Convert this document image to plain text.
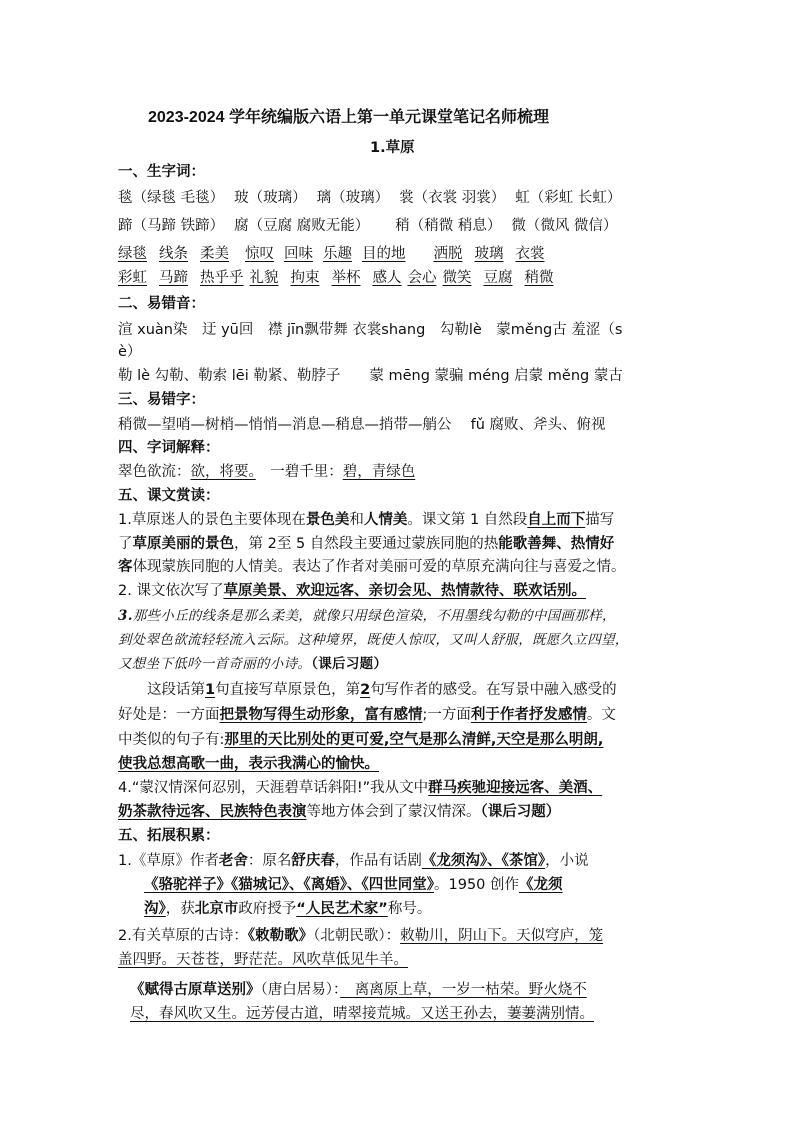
2023-2024 学年统编版六语上第一单元课堂笔记名师梳理
1.草原
一、生字词：
毯（绿毯 毛毯） 玻（玻璃） 璃（玻璃） 裳（衣裳 羽裳） 虹（彩虹 长虹）
蹄（马蹄 铁蹄） 腐（豆腐 腐败无能） 稍（稍微 稍息） 微（微风 微信）
绿毯 线条 柔美 惊叹 回味 乐趣 目的地 洒脱 玻璃 衣裳
彩虹 马蹄 热乎乎 礼貌 拘束 举杯 感人 会心 微笑 豆腐 稍微
二、易错音：
渲 xuàn染　迂 yū回　襟 jīn飘带舞 衣裳shang　勾勒lè　蒙měng古 羞涩（s
è）
勒 lè 勾勒、勒索 lēi 勒紧、勒脖子　　蒙 mēng 蒙骗 méng 启蒙 měng 蒙古
三、易错字：
稍微—望哨—树梢—悄悄—消息—稍息—捎带—艄公　 fǔ 腐败、斧头、俯视
四、字词解释：
翠色欲流：欲，将要。　一碧千里：碧，青绿色
五、课文赏读：
1.草原迷人的景色主要体现在景色美和人情美。课文第 1 自然段自上而下描写
了草原美丽的景色，第 2至 5 自然段主要通过蒙族同胞的热能歌善舞、热情好
客体现蒙族同胞的人情美。表达了作者对美丽可爱的草原充满向往与喜爱之情。
2. 课文依次写了草原美景、欢迎远客、亲切会见、热情款待、联欢话别。
3.那些小丘的线条是那么柔美，就像只用绿色渲染，不用墨线勾勒的中国画那样，
到处翠色欲流轻轻流入云际。这种境界，既使人惊叹，又叫人舒服，既愿久立四望，
又想坐下低吟一首奇丽的小诗。（课后习题）
　　这段话第1句直接写草原景色，第2句写作者的感受。在写景中融入感受的
好处是：一方面把景物写得生动形象，富有感情;一方面利于作者抒发感情。文
中类似的句子有:那里的天比别处的更可爱,空气是那么清鲜,天空是那么明朗,
使我总想高歌一曲，表示我满心的愉快。
4.“蒙汉情深何忍别，天涯碧草话斜阳!”我从文中群马疾驰迎接远客、美酒、
奶茶款待远客、民族特色表演等地方体会到了蒙汉情深。（课后习题）
五、拓展积累：
1.《草原》作者老舍：原名舒庆春，作品有话剧《龙须沟》、《茶馆》，小说
《骆驼祥子》《猫城记》、《离婚》、《四世同堂》。1950 创作《龙须
沟》，获北京市政府授予“人民艺术家”称号。
2.有关草原的古诗：《敕勒歌》（北朝民歌）：敕勒川，阴山下。天似穹庐，笼
盖四野。天苍苍，野茫茫。风吹草低见牛羊。
《赋得古原草送别》（唐白居易）：　离离原上草，一岁一枯荣。野火烧不
尽，春风吹又生。远芳侵古道，晴翠接荒城。又送王孙去，萋萋满别情。
